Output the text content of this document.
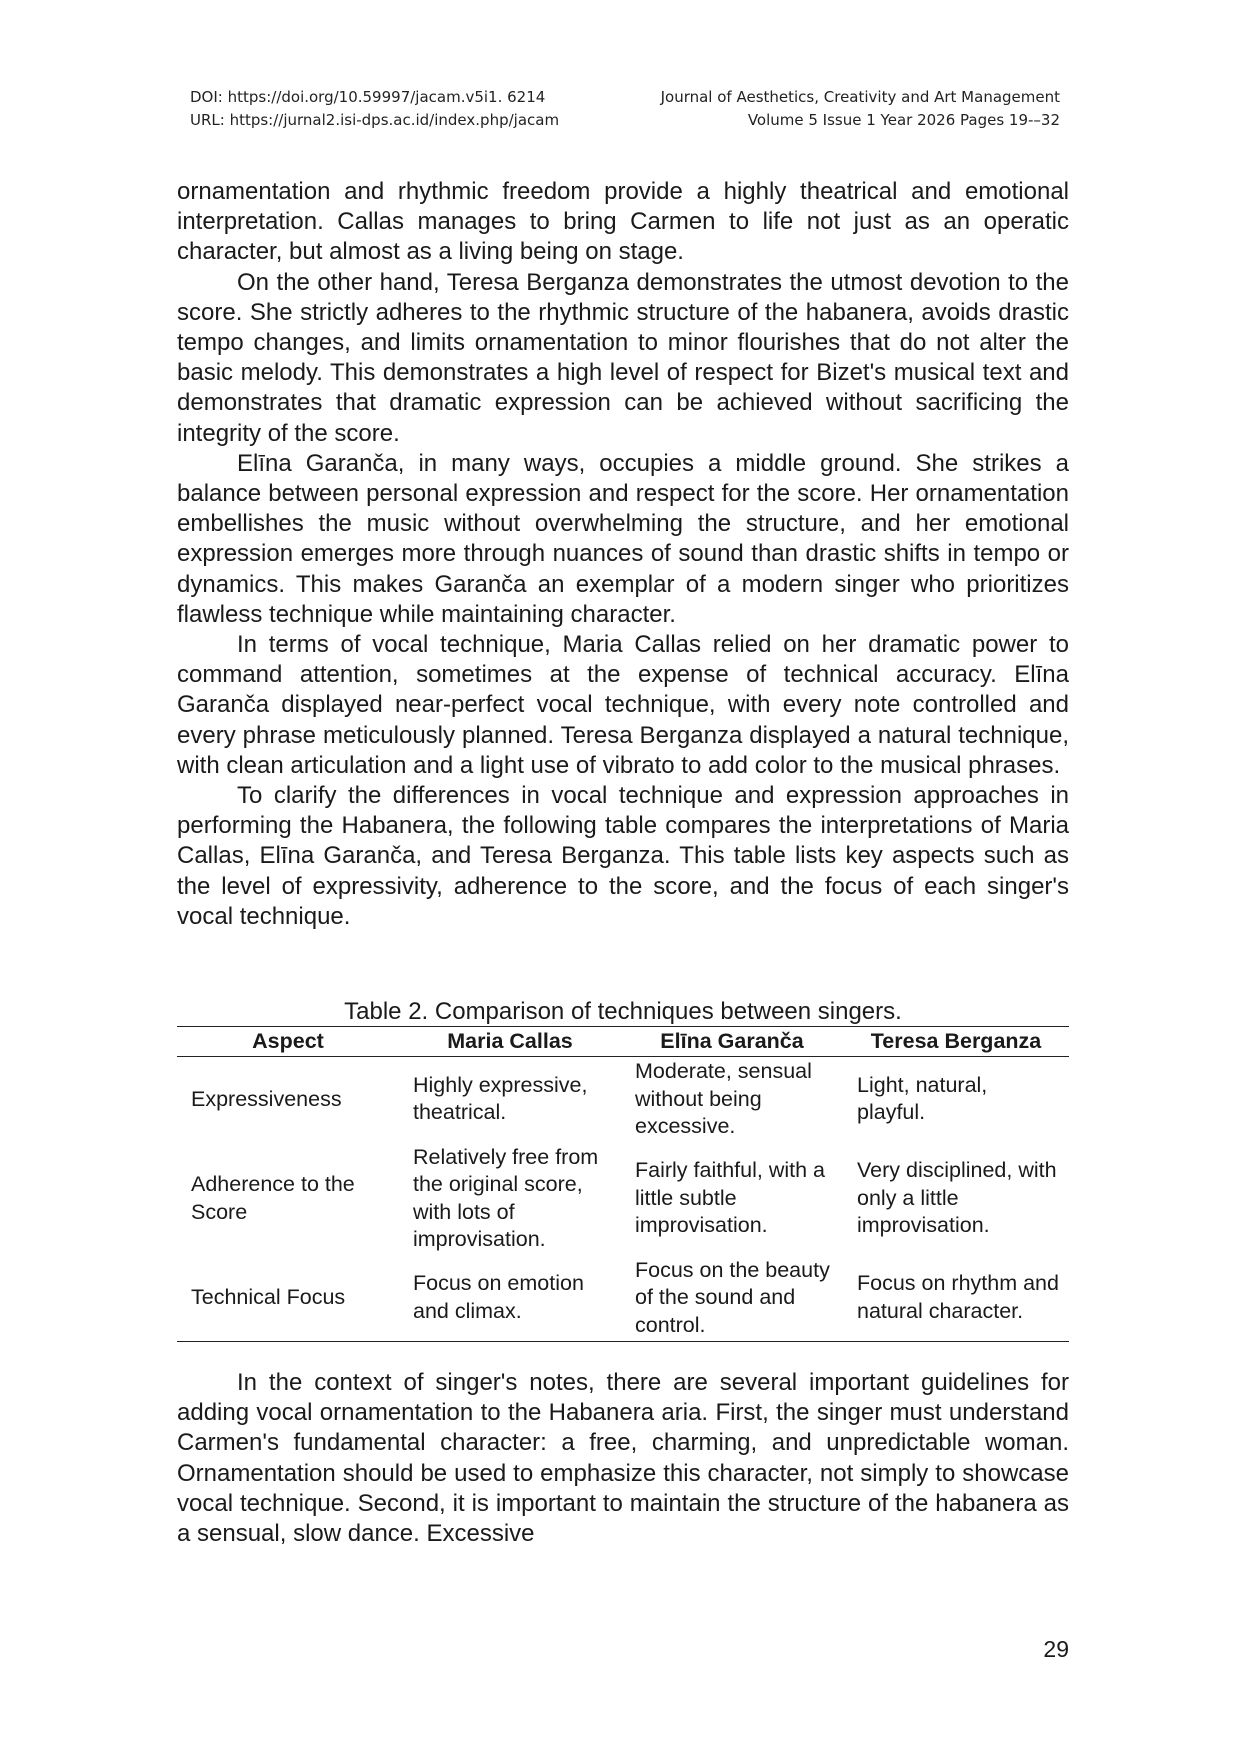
DOI: https://doi.org/10.59997/jacam.v5i1. 6214
URL: https://jurnal2.isi-dps.ac.id/index.php/jacam
Journal of Aesthetics, Creativity and Art Management
Volume 5 Issue 1 Year 2026 Pages 19-–32

ornamentation and rhythmic freedom provide a highly theatrical and emotional interpretation. Callas manages to bring Carmen to life not just as an operatic character, but almost as a living being on stage.

On the other hand, Teresa Berganza demonstrates the utmost devotion to the score. She strictly adheres to the rhythmic structure of the habanera, avoids drastic tempo changes, and limits ornamentation to minor flourishes that do not alter the basic melody. This demonstrates a high level of respect for Bizet's musical text and demonstrates that dramatic expression can be achieved without sacrificing the integrity of the score.

Elīna Garanča, in many ways, occupies a middle ground. She strikes a balance between personal expression and respect for the score. Her ornamentation embellishes the music without overwhelming the structure, and her emotional expression emerges more through nuances of sound than drastic shifts in tempo or dynamics. This makes Garanča an exemplar of a modern singer who prioritizes flawless technique while maintaining character.

In terms of vocal technique, Maria Callas relied on her dramatic power to command attention, sometimes at the expense of technical accuracy. Elīna Garanča displayed near-perfect vocal technique, with every note controlled and every phrase meticulously planned. Teresa Berganza displayed a natural technique, with clean articulation and a light use of vibrato to add color to the musical phrases.

To clarify the differences in vocal technique and expression approaches in performing the Habanera, the following table compares the interpretations of Maria Callas, Elīna Garanča, and Teresa Berganza. This table lists key aspects such as the level of expressivity, adherence to the score, and the focus of each singer's vocal technique.

Table 2. Comparison of techniques between singers.
Aspect	Maria Callas	Elīna Garanča	Teresa Berganza
Expressiveness	Highly expressive, theatrical.	Moderate, sensual without being excessive.	Light, natural, playful.
Adherence to the Score	Relatively free from the original score, with lots of improvisation.	Fairly faithful, with a little subtle improvisation.	Very disciplined, with only a little improvisation.
Technical Focus	Focus on emotion and climax.	Focus on the beauty of the sound and control.	Focus on rhythm and natural character.

In the context of singer's notes, there are several important guidelines for adding vocal ornamentation to the Habanera aria. First, the singer must understand Carmen's fundamental character: a free, charming, and unpredictable woman. Ornamentation should be used to emphasize this character, not simply to showcase vocal technique. Second, it is important to maintain the structure of the habanera as a sensual, slow dance. Excessive

29
